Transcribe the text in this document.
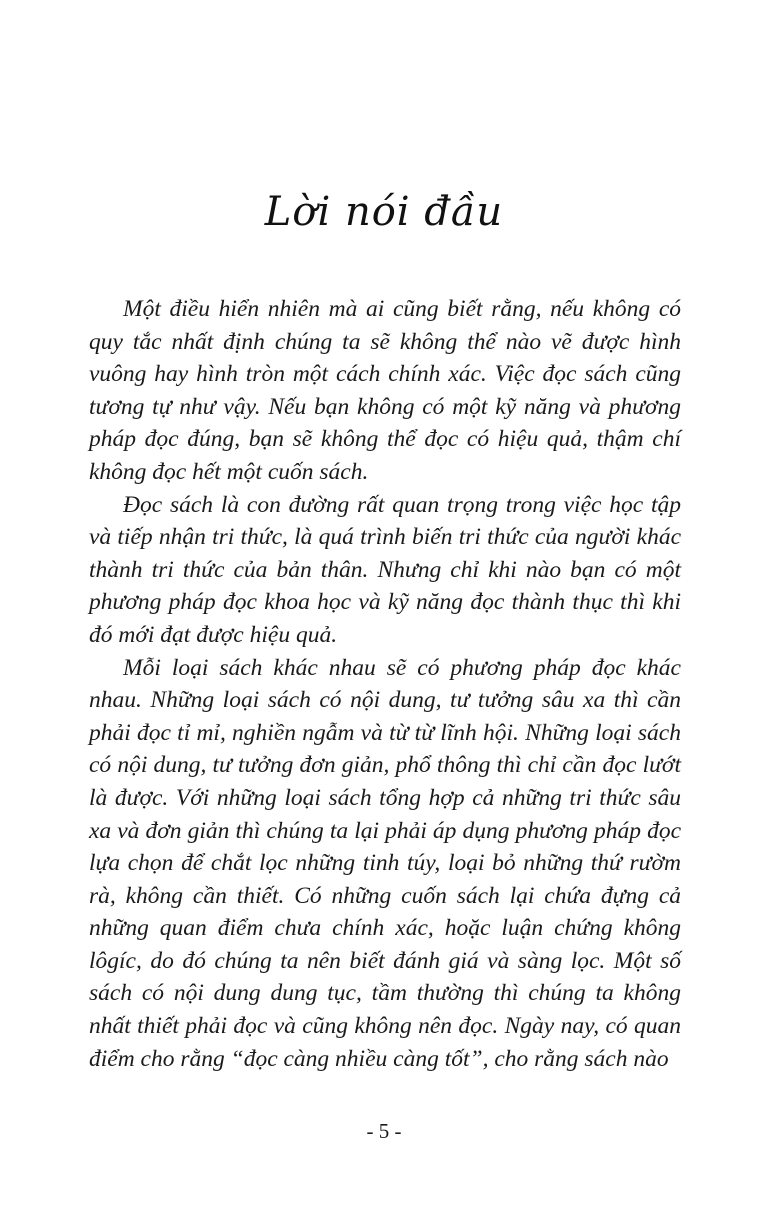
Lời nói đầu

Một điều hiển nhiên mà ai cũng biết rằng, nếu không có quy tắc nhất định chúng ta sẽ không thể nào vẽ được hình vuông hay hình tròn một cách chính xác. Việc đọc sách cũng tương tự như vậy. Nếu bạn không có một kỹ năng và phương pháp đọc đúng, bạn sẽ không thể đọc có hiệu quả, thậm chí không đọc hết một cuốn sách.

Đọc sách là con đường rất quan trọng trong việc học tập và tiếp nhận tri thức, là quá trình biến tri thức của người khác thành tri thức của bản thân. Nhưng chỉ khi nào bạn có một phương pháp đọc khoa học và kỹ năng đọc thành thục thì khi đó mới đạt được hiệu quả.

Mỗi loại sách khác nhau sẽ có phương pháp đọc khác nhau. Những loại sách có nội dung, tư tưởng sâu xa thì cần phải đọc tỉ mỉ, nghiền ngẫm và từ từ lĩnh hội. Những loại sách có nội dung, tư tưởng đơn giản, phổ thông thì chỉ cần đọc lướt là được. Với những loại sách tổng hợp cả những tri thức sâu xa và đơn giản thì chúng ta lại phải áp dụng phương pháp đọc lựa chọn để chắt lọc những tinh túy, loại bỏ những thứ rườm rà, không cần thiết. Có những cuốn sách lại chứa đựng cả những quan điểm chưa chính xác, hoặc luận chứng không lôgíc, do đó chúng ta nên biết đánh giá và sàng lọc. Một số sách có nội dung dung tục, tầm thường thì chúng ta không nhất thiết phải đọc và cũng không nên đọc. Ngày nay, có quan điểm cho rằng “đọc càng nhiều càng tốt”, cho rằng sách nào

- 5 -
